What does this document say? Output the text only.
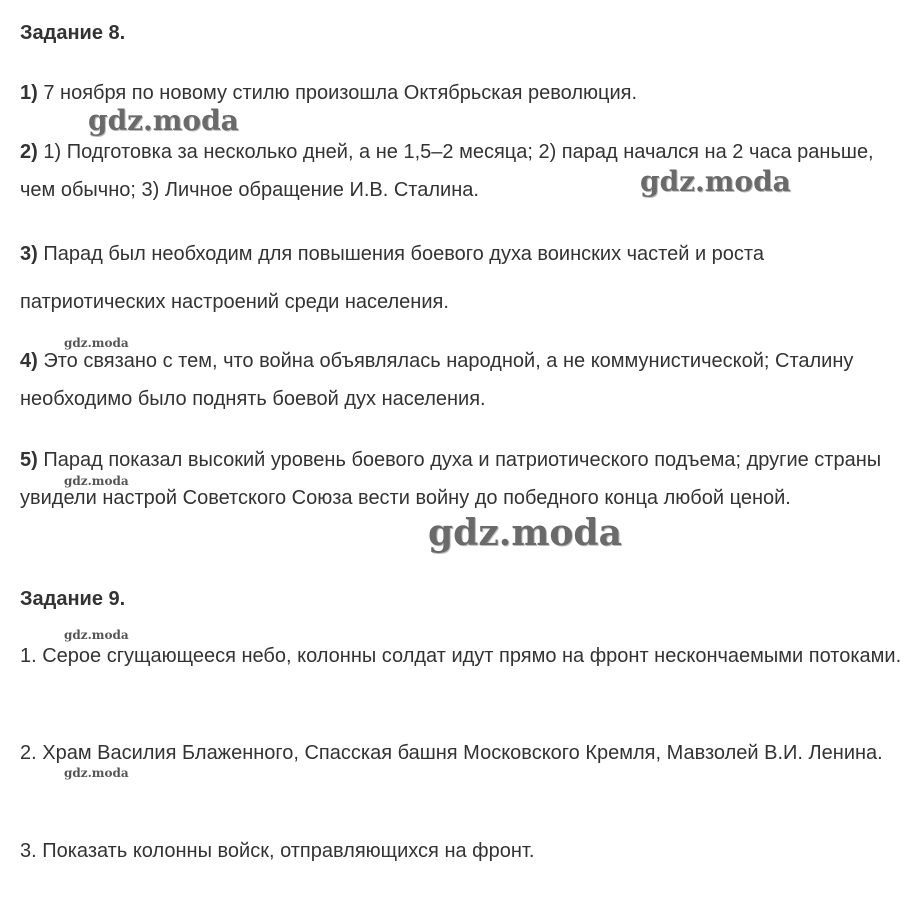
Задание 8.

1) 7 ноября по новому стилю произошла Октябрьская революция.

2) 1) Подготовка за несколько дней, а не 1,5–2 месяца; 2) парад начался на 2 часа раньше, чем обычно; 3) Личное обращение И.В. Сталина.

3) Парад был необходим для повышения боевого духа воинских частей и роста патриотических настроений среди населения.

4) Это связано с тем, что война объявлялась народной, а не коммунистической; Сталину необходимо было поднять боевой дух населения.

5) Парад показал высокий уровень боевого духа и патриотического подъема; другие страны увидели настрой Советского Союза вести войну до победного конца любой ценой.

Задание 9.

1. Серое сгущающееся небо, колонны солдат идут прямо на фронт нескончаемыми потоками.

2. Храм Василия Блаженного, Спасская башня Московского Кремля, Мавзолей В.И. Ленина.

3. Показать колонны войск, отправляющихся на фронт.

gdz.moda
gdz.moda
gdz.moda
gdz.moda
gdz.moda
gdz.moda
gdz.moda
